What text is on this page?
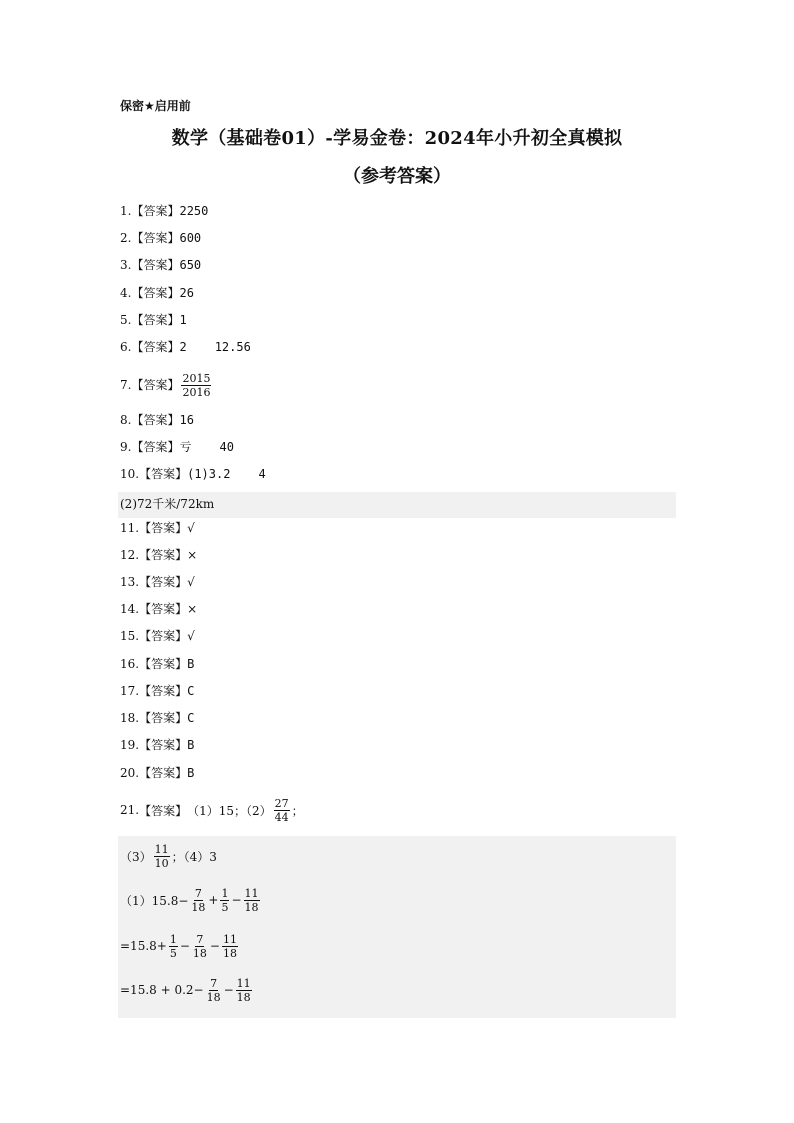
保密★启用前
数学（基础卷01）-学易金卷：2024年小升初全真模拟
（参考答案）
1.【答案】2250
2.【答案】600
3.【答案】650
4.【答案】26
5.【答案】1
6.【答案】2 12.56
7.【答案】 $\frac{2015}{2016}$
8.【答案】16
9.【答案】亏 40
10.【答案】(1)3.2 4
(2)72千米/72km
11.【答案】√
12.【答案】×
13.【答案】√
14.【答案】×
15.【答案】√
16.【答案】B
17.【答案】C
18.【答案】C
19.【答案】B
20.【答案】B
21. 【答案】 （1）15；$(2) \frac{27}{44}$ ；
$(3) \frac{11}{10}$ ；（4）3
$(1)15.8- \frac{7}{18} + \frac{1}{5} - \frac{11}{18}$
$=15.8+ \frac{1}{5} - \frac{7}{18} - \frac{11}{18}$
$=15.8 + 0.2- \frac{7}{18} - \frac{11}{18}$
